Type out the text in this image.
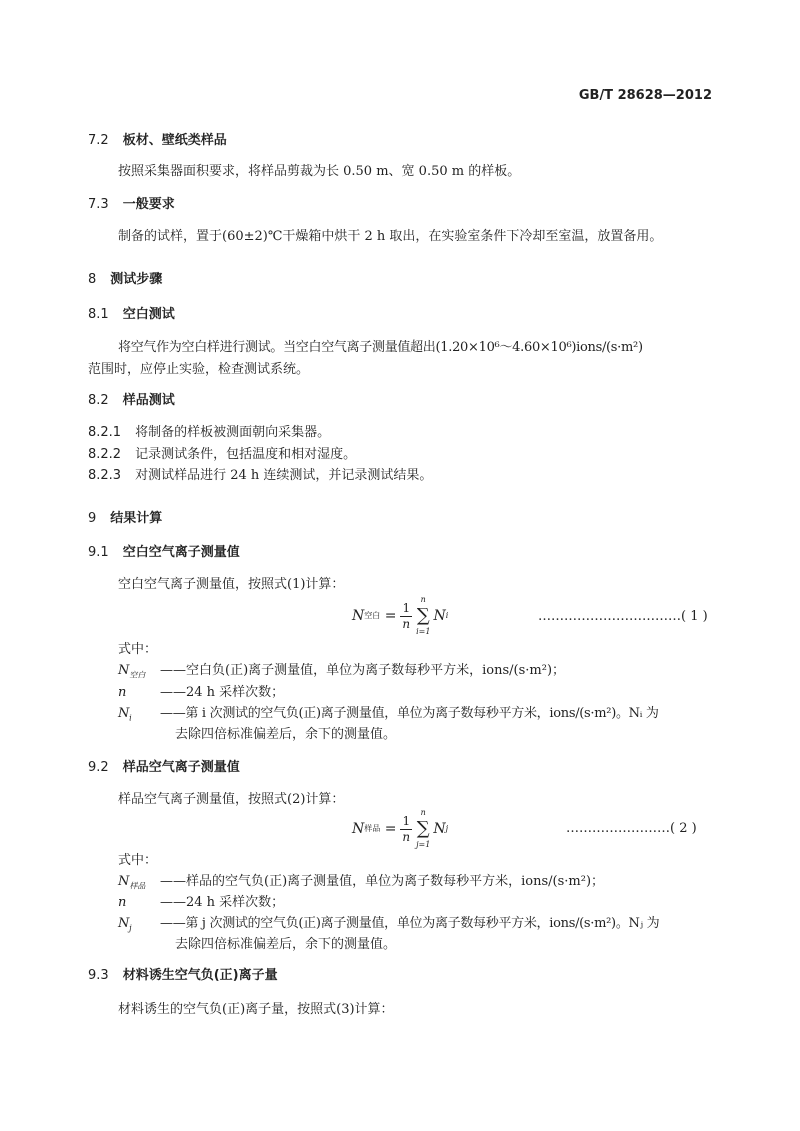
GB/T 28628—2012
7.2 板材、壁纸类样品
按照采集器面积要求，将样品剪裁为长 0.50 m、宽 0.50 m 的样板。
7.3 一般要求
制备的试样，置于(60±2)℃干燥箱中烘干 2 h 取出，在实验室条件下冷却至室温，放置备用。
8 测试步骤
8.1 空白测试
将空气作为空白样进行测试。当空白空气离子测量值超出(1.20×10⁶～4.60×10⁶)ions/(s·m²)
范围时，应停止实验，检查测试系统。
8.2 样品测试
8.2.1 将制备的样板被测面朝向采集器。
8.2.2 记录测试条件，包括温度和相对湿度。
8.2.3 对测试样品进行 24 h 连续测试，并记录测试结果。
9 结果计算
9.1 空白空气离子测量值
空白空气离子测量值，按照式(1)计算：
N 空白 = $\frac{1}{n}$
n
∑
i=1
N i	……………………………( 1 )
式中：
$N_{空白}$ ——空白负(正)离子测量值，单位为离子数每秒平方米，ions/(s·m²)；
n	——24 h 采样次数；
$N_i$ ——第 i 次测试的空气负(正)离子测量值，单位为离子数每秒平方米，ions/(s·m²)。Nᵢ 为
去除四倍标准偏差后，余下的测量值。
9.2 样品空气离子测量值
样品空气离子测量值，按照式(2)计算：
N 样品 = $\frac{1}{n}$
n
∑
j=1
N j	……………………( 2 )
式中：
$N_{样品}$ ——样品的空气负(正)离子测量值，单位为离子数每秒平方米，ions/(s·m²)；
n	——24 h 采样次数；
$N_j$ ——第 j 次测试的空气负(正)离子测量值，单位为离子数每秒平方米，ions/(s·m²)。Nⱼ 为
去除四倍标准偏差后，余下的测量值。
9.3 材料诱生空气负(正)离子量
材料诱生的空气负(正)离子量，按照式(3)计算：
